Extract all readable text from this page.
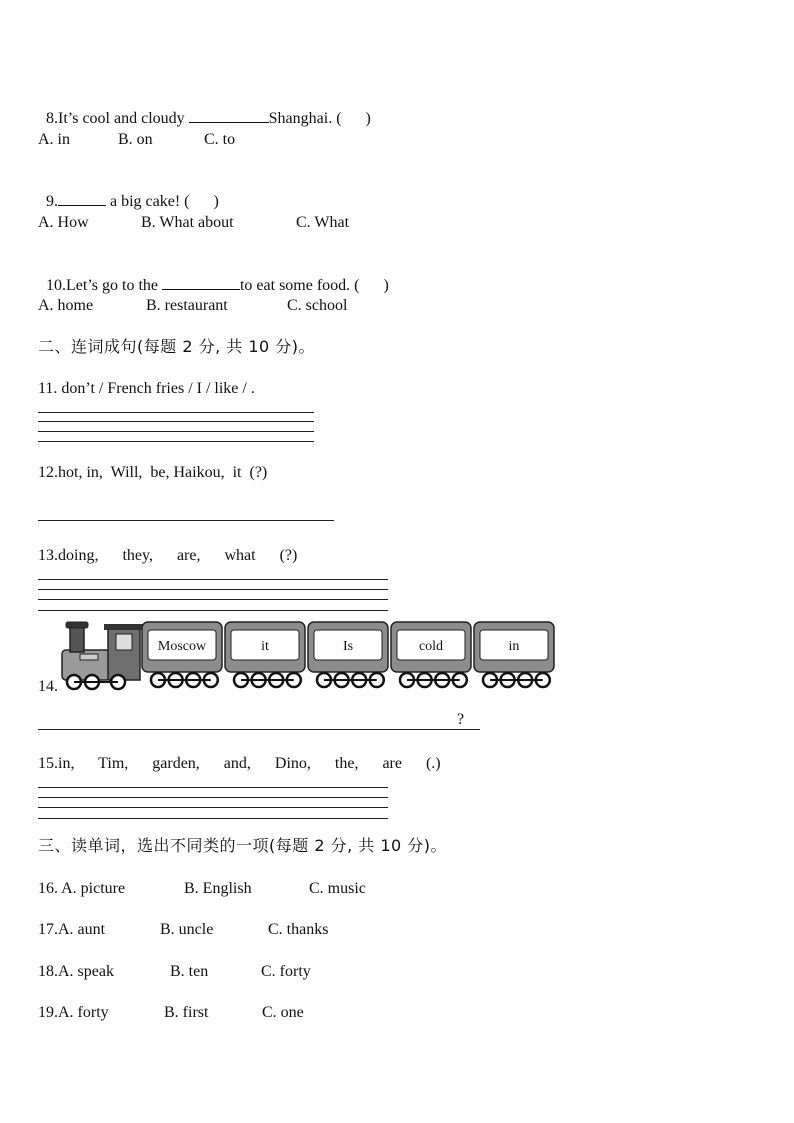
8.It’s cool and cloudy	Shanghai. (      )

A. in	B. on	C. to

9.	a big cake! (      )

A. How	B. What about	C. What

10.Let’s go to the	to eat some food. (      )

A. home	B. restaurant	C. school
二、连词成句(每题 2 分, 共 10 分)。
11. don’t / French fries / I / like / .
12.hot, in,  Will,  be, Haikou,  it  (?)
13.doing,      they,      are,      what      (?)
14.
Moscow	it	Is	cold	in
?
15.in,      Tim,      garden,      and,      Dino,      the,      are      (.)
三、读单词，选出不同类的一项(每题 2 分, 共 10 分)。
16. A. picture	B. English	C. music
17.A. aunt	B. uncle	C. thanks
18.A. speak	B. ten	C. forty
19.A. forty	B. first	C. one
